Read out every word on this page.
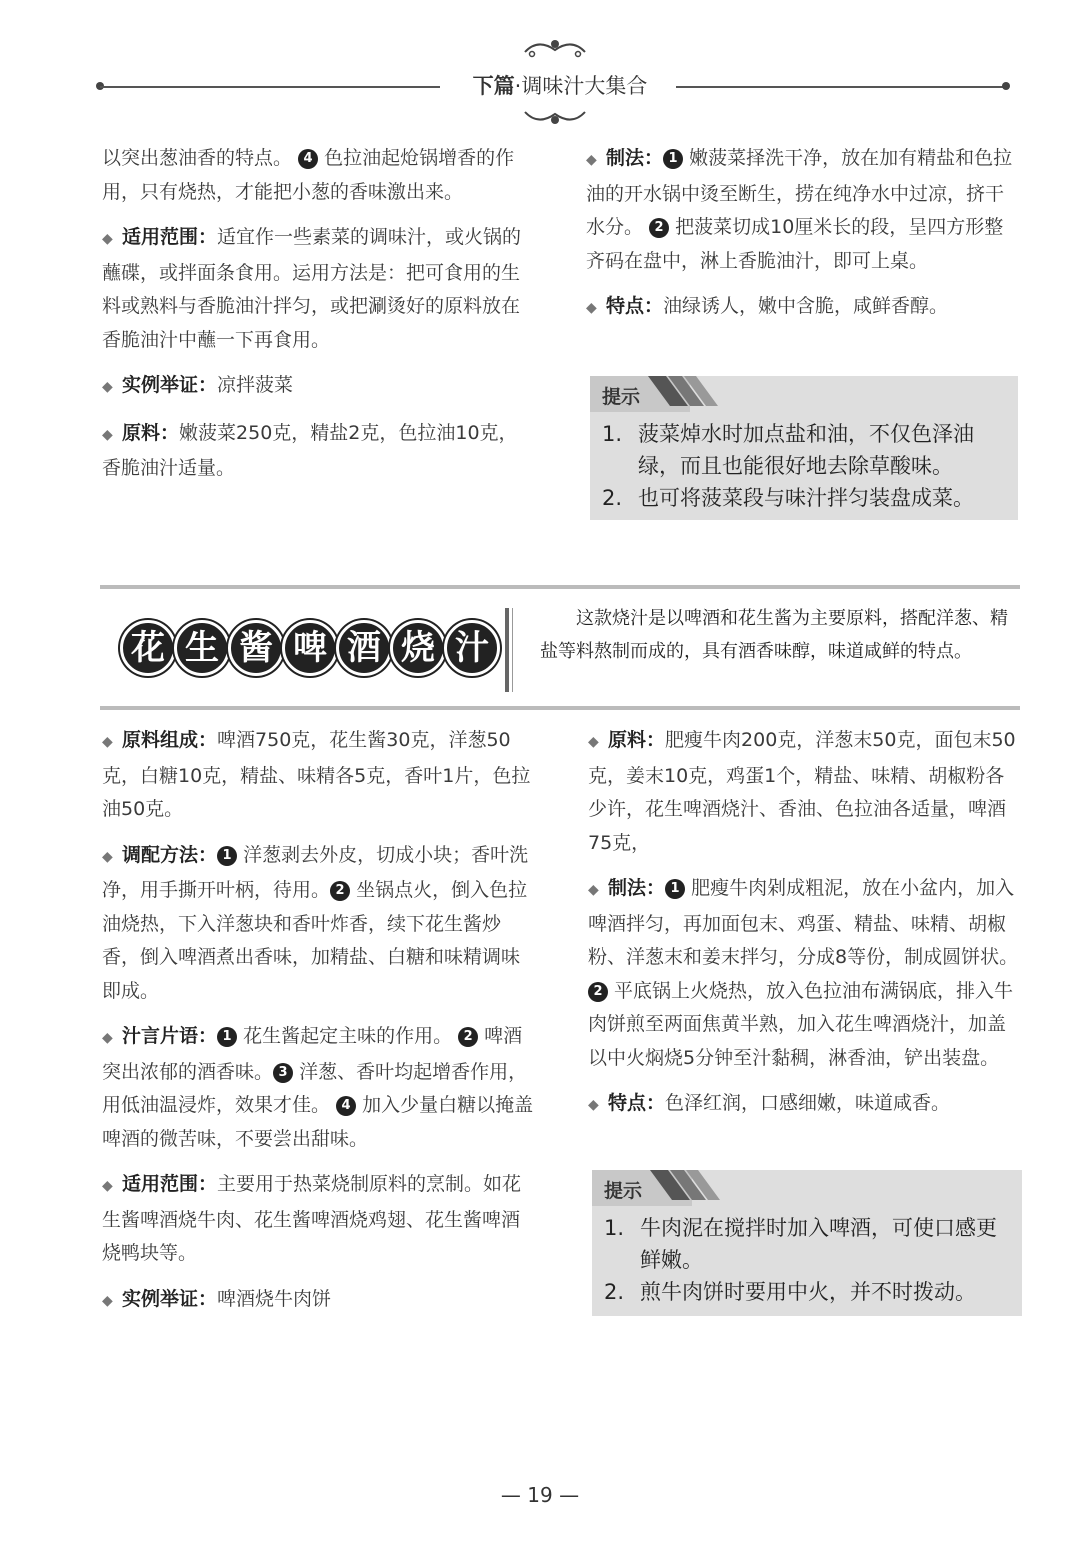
下篇·调味汁大集合

以突出葱油香的特点。 4 色拉油起炝锅增香的作用，只有烧热，才能把小葱的香味激出来。

◆ 适用范围：适宜作一些素菜的调味汁，或火锅的蘸碟，或拌面条食用。运用方法是：把可食用的生料或熟料与香脆油汁拌匀，或把涮烫好的原料放在香脆油汁中蘸一下再食用。

◆ 实例举证：凉拌菠菜

◆ 原料：嫩菠菜250克，精盐2克，色拉油10克，香脆油汁适量。

◆ 制法： 1 嫩菠菜择洗干净，放在加有精盐和色拉油的开水锅中烫至断生，捞在纯净水中过凉，挤干水分。 2 把菠菜切成10厘米长的段，呈四方形整齐码在盘中，淋上香脆油汁，即可上桌。

◆ 特点：油绿诱人，嫩中含脆，咸鲜香醇。

提示
1. 菠菜焯水时加点盐和油，不仅色泽油绿，而且也能很好地去除草酸味。
2. 也可将菠菜段与味汁拌匀装盘成菜。
花 生 酱 啤 酒 烧 汁
这款烧汁是以啤酒和花生酱为主要原料，搭配洋葱、精盐等料熬制而成的，具有酒香味醇，味道咸鲜的特点。

◆ 原料组成：啤酒750克，花生酱30克，洋葱50克，白糖10克，精盐、味精各5克，香叶1片，色拉油50克。

◆ 调配方法： 1 洋葱剥去外皮，切成小块；香叶洗净，用手撕开叶柄，待用。 2 坐锅点火，倒入色拉油烧热，下入洋葱块和香叶炸香，续下花生酱炒香，倒入啤酒煮出香味，加精盐、白糖和味精调味即成。

◆ 汁言片语： 1 花生酱起定主味的作用。 2 啤酒突出浓郁的酒香味。 3 洋葱、香叶均起增香作用，用低油温浸炸，效果才佳。 4 加入少量白糖以掩盖啤酒的微苦味，不要尝出甜味。

◆ 适用范围：主要用于热菜烧制原料的烹制。如花生酱啤酒烧牛肉、花生酱啤酒烧鸡翅、花生酱啤酒烧鸭块等。

◆ 实例举证：啤酒烧牛肉饼

◆ 原料：肥瘦牛肉200克，洋葱末50克，面包末50克，姜末10克，鸡蛋1个，精盐、味精、胡椒粉各少许，花生啤酒烧汁、香油、色拉油各适量，啤酒75克，

◆ 制法： 1 肥瘦牛肉剁成粗泥，放在小盆内，加入啤酒拌匀，再加面包末、鸡蛋、精盐、味精、胡椒粉、洋葱末和姜末拌匀，分成8等份，制成圆饼状。 2 平底锅上火烧热，放入色拉油布满锅底，排入牛肉饼煎至两面焦黄半熟，加入花生啤酒烧汁，加盖以中火焖烧5分钟至汁黏稠，淋香油，铲出装盘。

◆ 特点：色泽红润，口感细嫩，味道咸香。

提示
1. 牛肉泥在搅拌时加入啤酒，可使口感更鲜嫩。
2. 煎牛肉饼时要用中火，并不时拨动。
— 19 —
